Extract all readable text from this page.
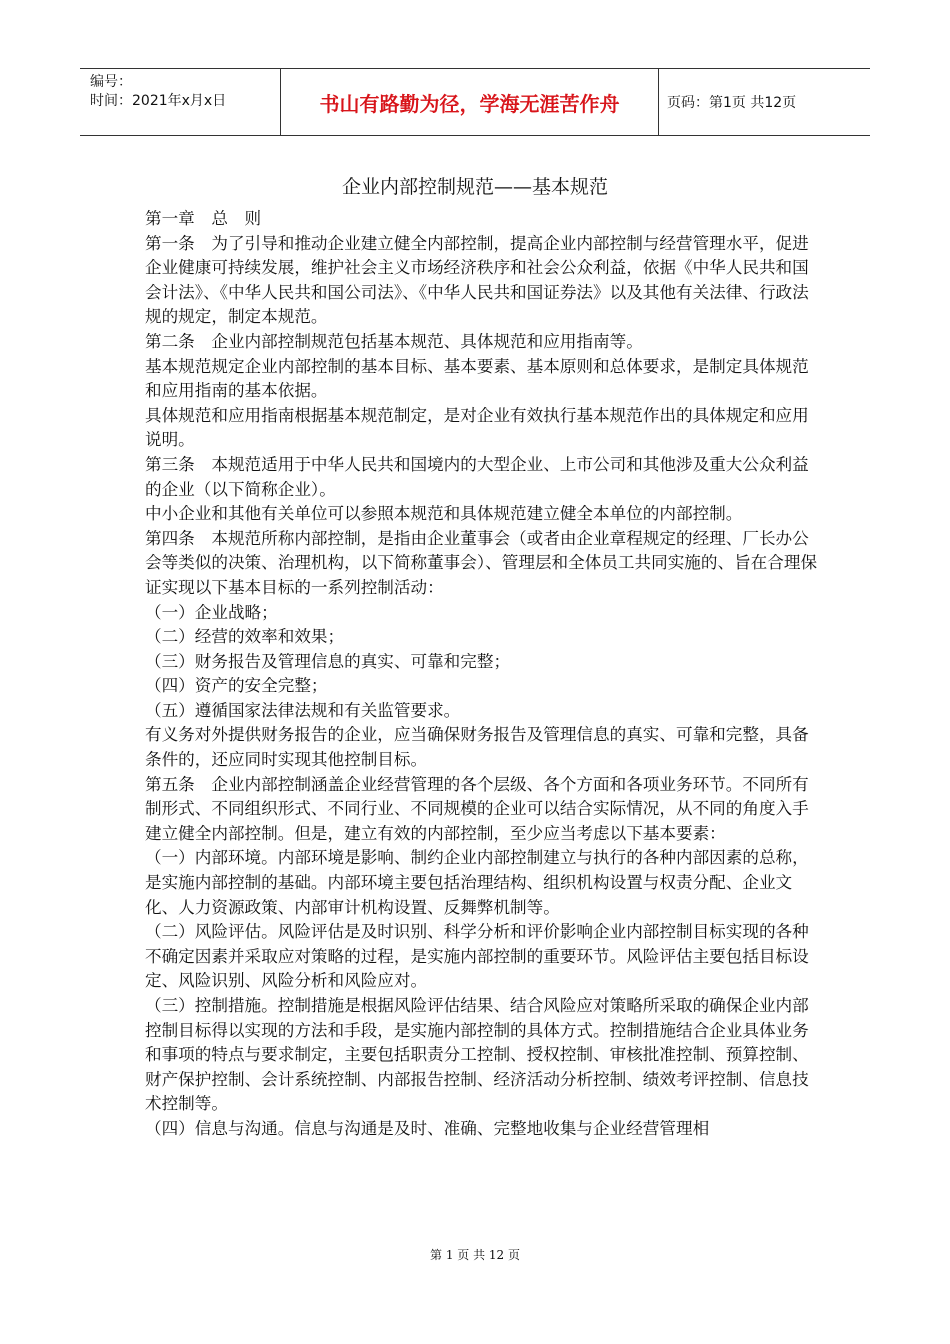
编号：
时间：2021年x月x日	书山有路勤为径，学海无涯苦作舟	页码：第1页 共12页
企业内部控制规范——基本规范

第一章　总　则

第一条　为了引导和推动企业建立健全内部控制，提高企业内部控制与经营管理水平，促进企业健康可持续发展，维护社会主义市场经济秩序和社会公众利益，依据《中华人民共和国会计法》、《中华人民共和国公司法》、《中华人民共和国证券法》以及其他有关法律、行政法规的规定，制定本规范。

第二条　企业内部控制规范包括基本规范、具体规范和应用指南等。

基本规范规定企业内部控制的基本目标、基本要素、基本原则和总体要求，是制定具体规范和应用指南的基本依据。

具体规范和应用指南根据基本规范制定，是对企业有效执行基本规范作出的具体规定和应用说明。

第三条　本规范适用于中华人民共和国境内的大型企业、上市公司和其他涉及重大公众利益的企业（以下简称企业）。

中小企业和其他有关单位可以参照本规范和具体规范建立健全本单位的内部控制。

第四条　本规范所称内部控制，是指由企业董事会（或者由企业章程规定的经理、厂长办公会等类似的决策、治理机构，以下简称董事会）、管理层和全体员工共同实施的、旨在合理保证实现以下基本目标的一系列控制活动：

（一）企业战略；

（二）经营的效率和效果；

（三）财务报告及管理信息的真实、可靠和完整；

（四）资产的安全完整；

（五）遵循国家法律法规和有关监管要求。

有义务对外提供财务报告的企业，应当确保财务报告及管理信息的真实、可靠和完整，具备条件的，还应同时实现其他控制目标。

第五条　企业内部控制涵盖企业经营管理的各个层级、各个方面和各项业务环节。不同所有制形式、不同组织形式、不同行业、不同规模的企业可以结合实际情况，从不同的角度入手建立健全内部控制。但是，建立有效的内部控制，至少应当考虑以下基本要素：

（一）内部环境。内部环境是影响、制约企业内部控制建立与执行的各种内部因素的总称，是实施内部控制的基础。内部环境主要包括治理结构、组织机构设置与权责分配、企业文化、人力资源政策、内部审计机构设置、反舞弊机制等。

（二）风险评估。风险评估是及时识别、科学分析和评价影响企业内部控制目标实现的各种不确定因素并采取应对策略的过程，是实施内部控制的重要环节。风险评估主要包括目标设定、风险识别、风险分析和风险应对。

（三）控制措施。控制措施是根据风险评估结果、结合风险应对策略所采取的确保企业内部控制目标得以实现的方法和手段，是实施内部控制的具体方式。控制措施结合企业具体业务和事项的特点与要求制定，主要包括职责分工控制、授权控制、审核批准控制、预算控制、财产保护控制、会计系统控制、内部报告控制、经济活动分析控制、绩效考评控制、信息技术控制等。

（四）信息与沟通。信息与沟通是及时、准确、完整地收集与企业经营管理相

第 1 页 共 12 页
